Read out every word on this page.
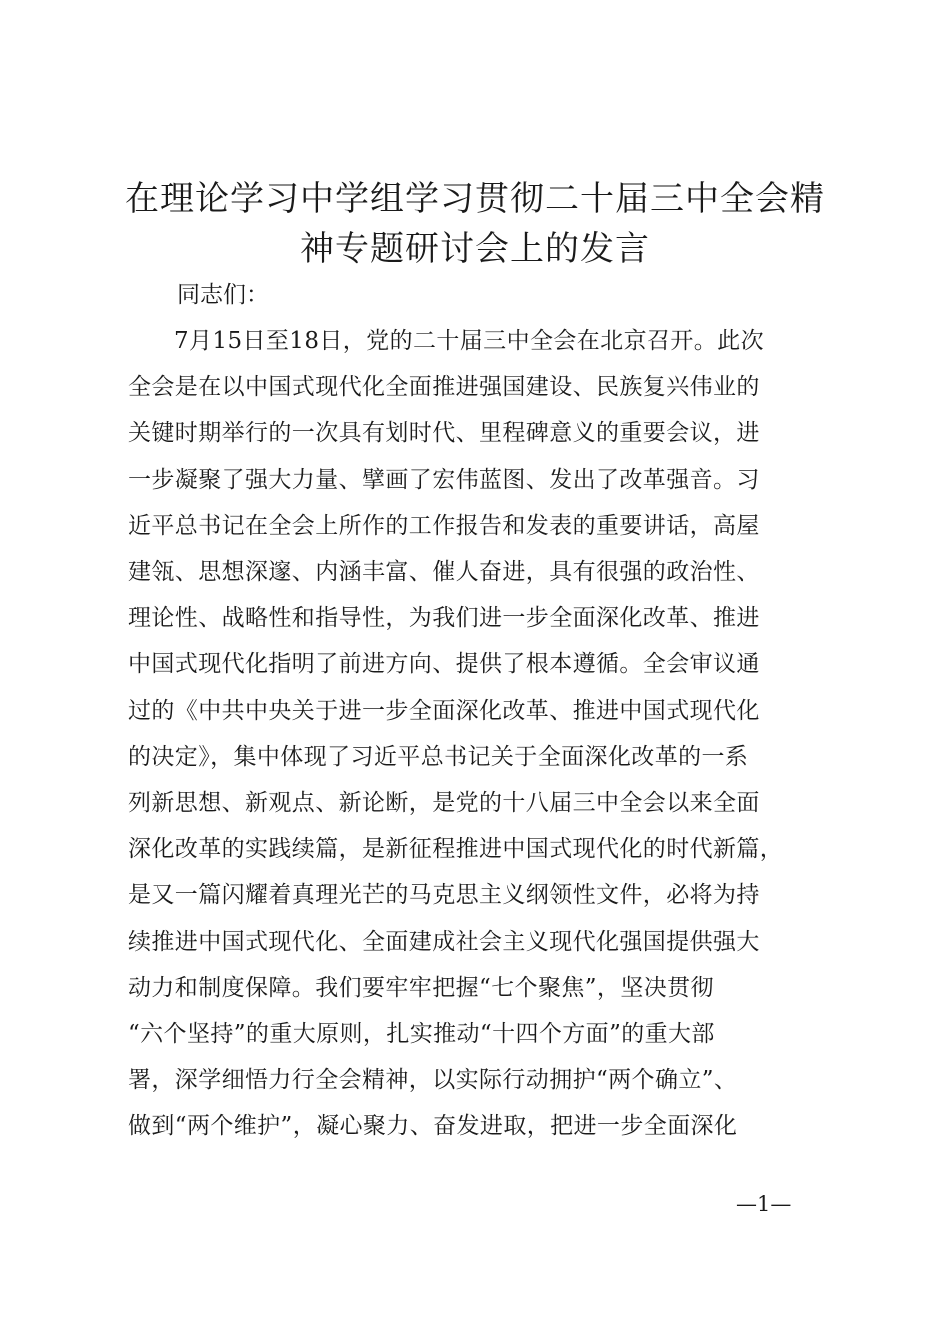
在理论学习中学组学习贯彻二十届三中全会精
神专题研讨会上的发言

同志们：

7月15日至18日，党的二十届三中全会在北京召开。此次
全会是在以中国式现代化全面推进强国建设、民族复兴伟业的
关键时期举行的一次具有划时代、里程碑意义的重要会议，进
一步凝聚了强大力量、擘画了宏伟蓝图、发出了改革强音。习
近平总书记在全会上所作的工作报告和发表的重要讲话，高屋
建瓴、思想深邃、内涵丰富、催人奋进，具有很强的政治性、
理论性、战略性和指导性，为我们进一步全面深化改革、推进
中国式现代化指明了前进方向、提供了根本遵循。全会审议通
过的《中共中央关于进一步全面深化改革、推进中国式现代化
的决定》，集中体现了习近平总书记关于全面深化改革的一系
列新思想、新观点、新论断，是党的十八届三中全会以来全面
深化改革的实践续篇，是新征程推进中国式现代化的时代新篇，
是又一篇闪耀着真理光芒的马克思主义纲领性文件，必将为持
续推进中国式现代化、全面建成社会主义现代化强国提供强大
动力和制度保障。我们要牢牢把握“七个聚焦”，坚决贯彻
“六个坚持”的重大原则，扎实推动“十四个方面”的重大部
署，深学细悟力行全会精神，以实际行动拥护“两个确立”、
做到“两个维护”，凝心聚力、奋发进取，把进一步全面深化
—1—
